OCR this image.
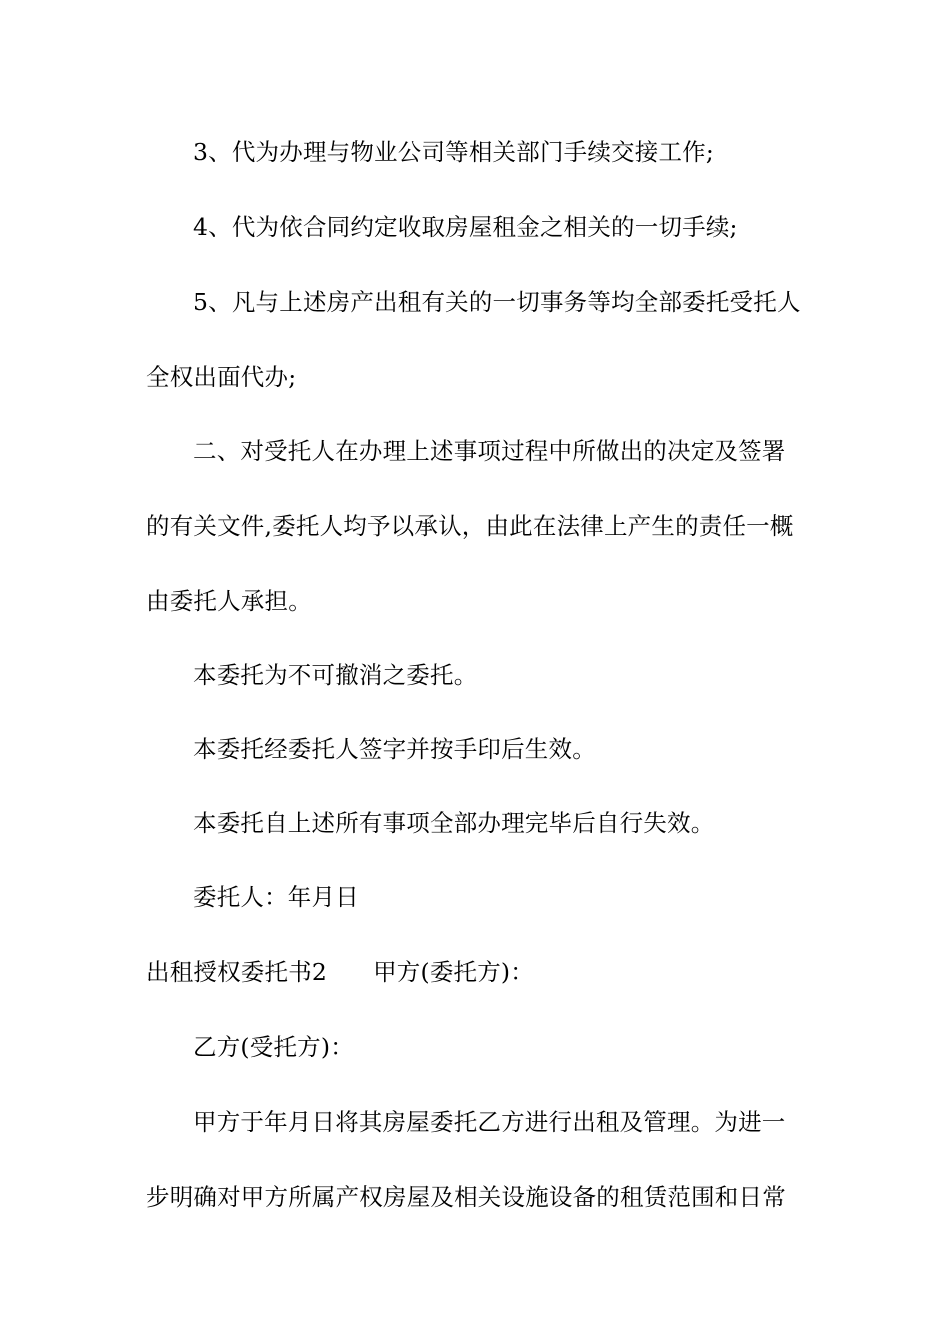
3、代为办理与物业公司等相关部门手续交接工作;
4、代为依合同约定收取房屋租金之相关的一切手续;
5、凡与上述房产出租有关的一切事务等均全部委托受托人
全权出面代办;
二、对受托人在办理上述事项过程中所做出的决定及签署
的有关文件,委托人均予以承认，由此在法律上产生的责任一概
由委托人承担。
本委托为不可撤消之委托。
本委托经委托人签字并按手印后生效。
本委托自上述所有事项全部办理完毕后自行失效。
委托人：年月日
出租授权委托书2 甲方(委托方)：
乙方(受托方)：
甲方于年月日将其房屋委托乙方进行出租及管理。为进一
步明确对甲方所属产权房屋及相关设施设备的租赁范围和日常
